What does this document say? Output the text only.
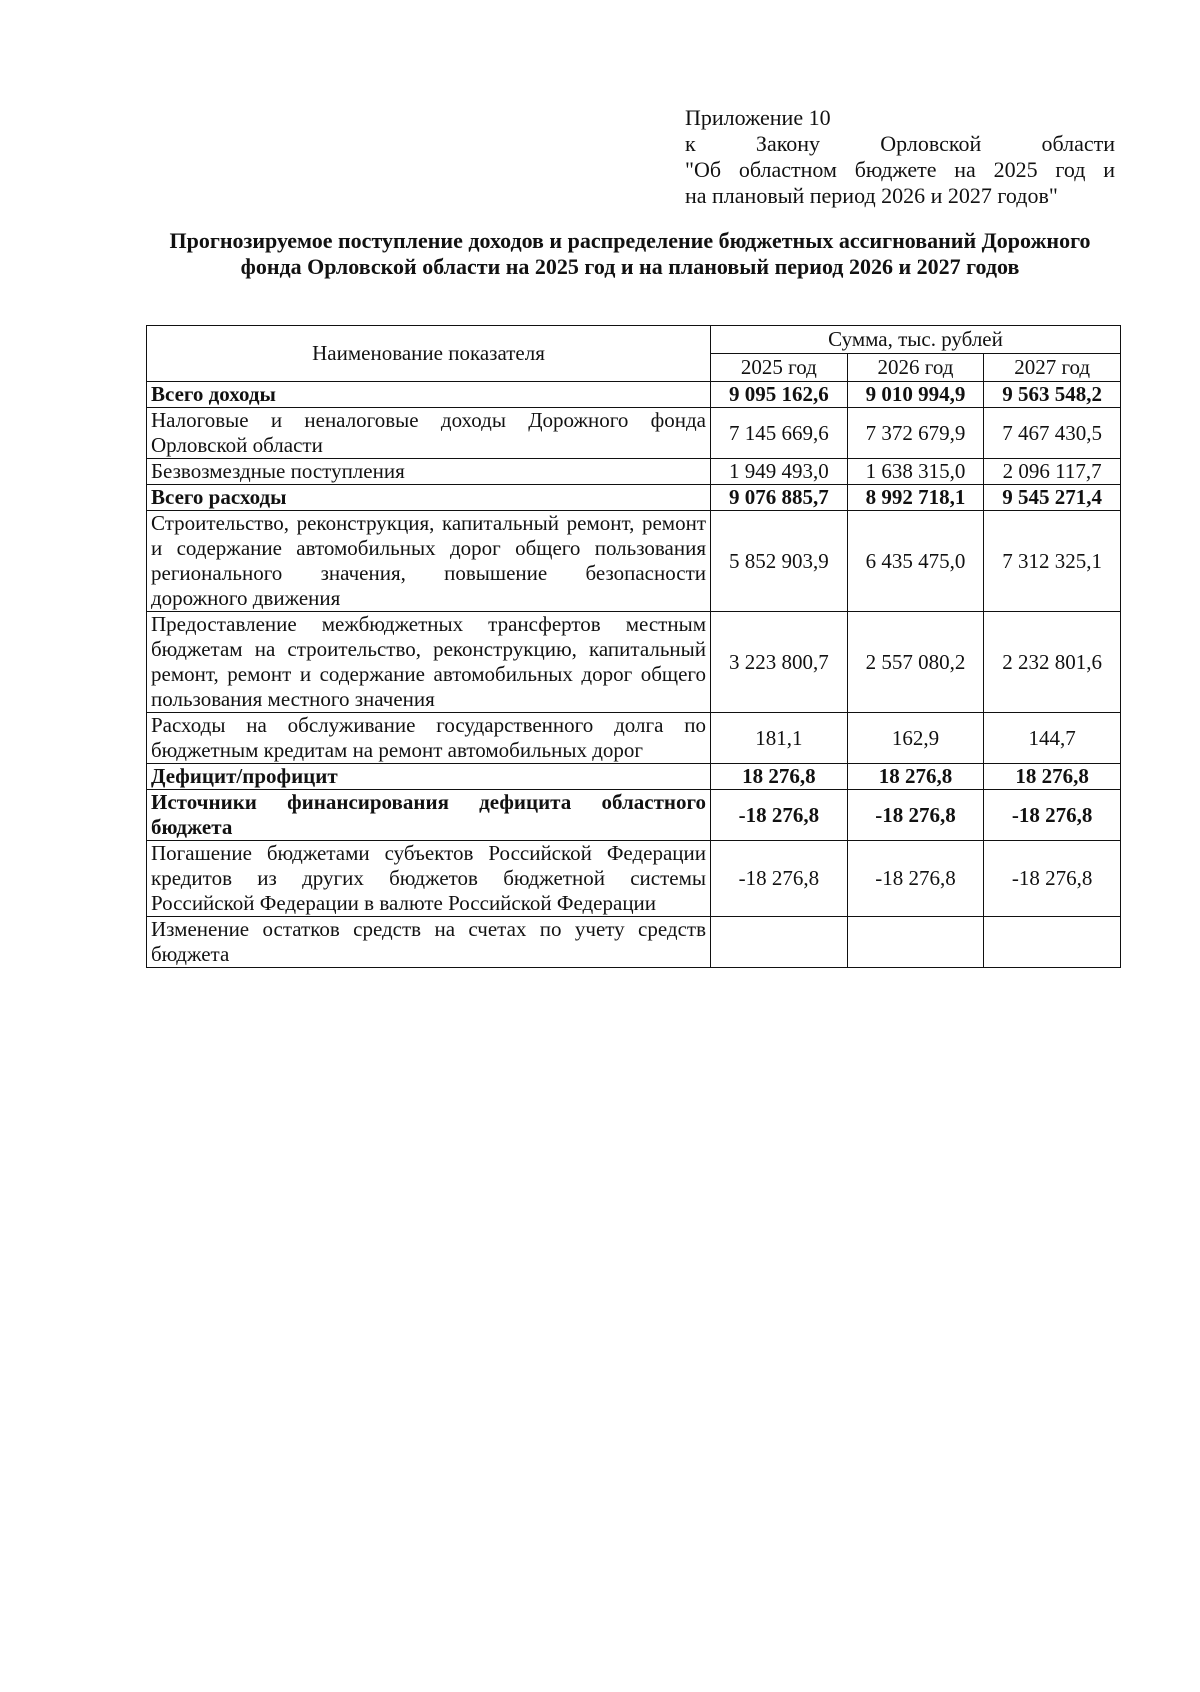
Приложение 10
к Закону Орловской области
"Об областном бюджете на 2025 год и
на плановый период 2026 и 2027 годов"
Прогнозируемое поступление доходов и распределение бюджетных ассигнований Дорожного фонда Орловской области на 2025 год и на плановый период 2026 и 2027 годов
Наименование показателя	Сумма, тыс. рублей		
	2025 год	2026 год	2027 год
Всего доходы	9 095 162,6	9 010 994,9	9 563 548,2
Налоговые и неналоговые доходы Дорожного фонда Орловской области	7 145 669,6	7 372 679,9	7 467 430,5
Безвозмездные поступления	1 949 493,0	1 638 315,0	2 096 117,7
Всего расходы	9 076 885,7	8 992 718,1	9 545 271,4
Строительство, реконструкция, капитальный ремонт, ремонт и содержание автомобильных дорог общего пользования регионального значения, повышение безопасности дорожного движения	5 852 903,9	6 435 475,0	7 312 325,1
Предоставление межбюджетных трансфертов местным бюджетам на строительство, реконструкцию, капитальный ремонт, ремонт и содержание автомобильных дорог общего пользования местного значения	3 223 800,7	2 557 080,2	2 232 801,6
Расходы на обслуживание государственного долга по бюджетным кредитам на ремонт автомобильных дорог	181,1	162,9	144,7
Дефицит/профицит	18 276,8	18 276,8	18 276,8
Источники финансирования дефицита областного бюджета	-18 276,8	-18 276,8	-18 276,8
Погашение бюджетами субъектов Российской Федерации кредитов из других бюджетов бюджетной системы Российской Федерации в валюте Российской Федерации	-18 276,8	-18 276,8	-18 276,8
Изменение остатков средств на счетах по учету средств бюджета			
